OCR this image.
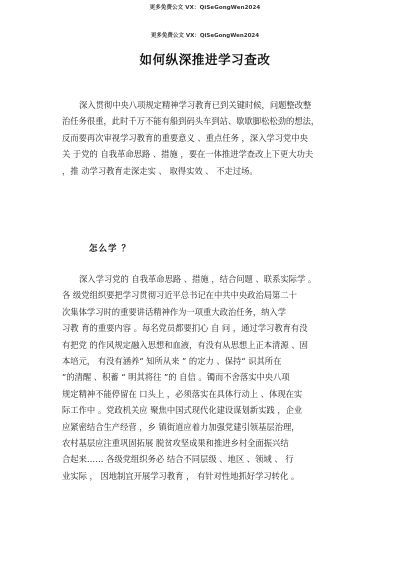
更多免费公文 VX：QiSeGongWen2024
更多免费公文 VX：QiSeGongWen2024
如何纵深推进学习查改
深入贯彻中央八项规定精神学习教育已到关键时候，问题整改整
治任务很重，此时千万不能有船到码头车到站、歇歇脚松松劲的想法，
反而要再次审视学习教育的重要意义 、重点任务 ，深入学习党中央
关 于党的 自我革命思路 、措施 ，要在一体推进学查改上下更大功夫
，推 动学习教育走深走实 、 取得实效 、 不走过场。
怎么学 ？
深入学习党的 自我革命思路 、措施 ，结合问题 、联系实际学 。
各 级党组织要把学习贯彻习近平总书记在中共中央政治局第二十
次集体学习时的重要讲话精神作为一项重大政治任务，纳入学
习教 育的重要内容 。每名党员都要扪心 自 问 ，通过学习教育有没
有把党 的作风规定融入思想和血液，有没有从思想上正本清源 、固
本培元， 有没有涵养“ 知所从来 ” 的定力 、保持“ 识其所在
”的清醒 、积蓄 “ 明其将往 ”的 自信 。镯而不舍落实中央八项
规定精神不能停留在 口头上 ，必须落实在具体行动上 、体现在实
际工作中 。党政机关应 聚焦中国式现代化建设谋划新实践 ，企业
应紧密结合生产经营 ，乡 镇街道应着力加强党建引领基层治理，
农村基层应注重巩固拓展 脱贫攻坚成果和推进乡村全面振兴结
合起来…… 各级党组织务必 结合不同层级 、地区 、领域 、 行
业实际 ， 因地制宜开展学习教育 ， 有针对性地抓好学习转化 。
